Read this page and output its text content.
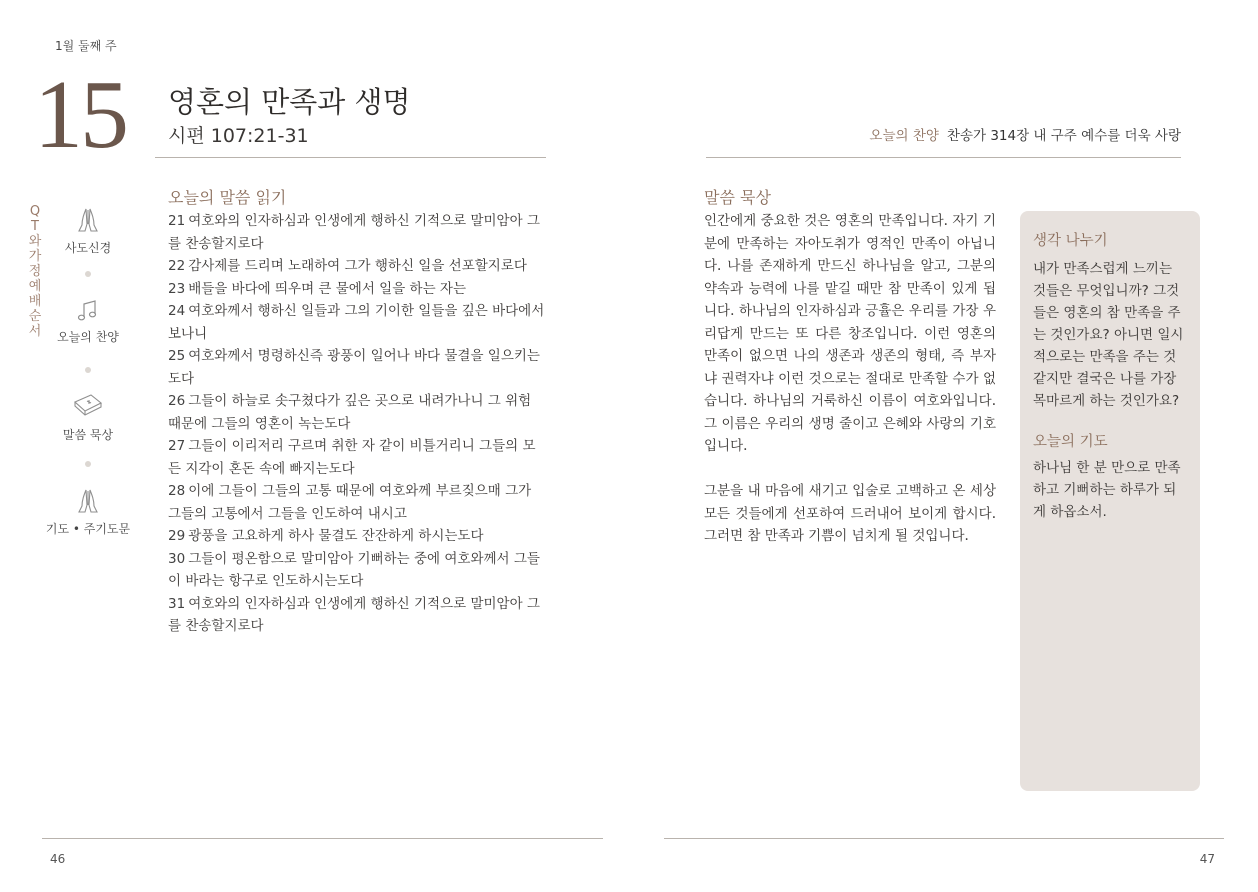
1월 둘째 주
15 영혼의 만족과 생명
시편 107:21-31	오늘의 찬양 찬송가 314장 내 구주 예수를 더욱 사랑
QT와 가정예배 순서
사도신경
오늘의 찬양
말씀 묵상
기도 • 주기도문
오늘의 말씀 읽기
21 여호와의 인자하심과 인생에게 행하신 기적으로 말미암아 그를 찬송할지로다
22 감사제를 드리며 노래하여 그가 행하신 일을 선포할지로다
23 배들을 바다에 띄우며 큰 물에서 일을 하는 자는
24 여호와께서 행하신 일들과 그의 기이한 일들을 깊은 바다에서 보나니
25 여호와께서 명령하신즉 광풍이 일어나 바다 물결을 일으키는도다
26 그들이 하늘로 솟구쳤다가 깊은 곳으로 내려가나니 그 위험 때문에 그들의 영혼이 녹는도다
27 그들이 이리저리 구르며 취한 자 같이 비틀거리니 그들의 모든 지각이 혼돈 속에 빠지는도다
28 이에 그들이 그들의 고통 때문에 여호와께 부르짖으매 그가 그들의 고통에서 그들을 인도하여 내시고
29 광풍을 고요하게 하사 물결도 잔잔하게 하시는도다
30 그들이 평온함으로 말미암아 기뻐하는 중에 여호와께서 그들이 바라는 항구로 인도하시는도다
31 여호와의 인자하심과 인생에게 행하신 기적으로 말미암아 그를 찬송할지로다
말씀 묵상

인간에게 중요한 것은 영혼의 만족입니다. 자기 기분에 만족하는 자아도취가 영적인 만족이 아닙니다. 나를 존재하게 만드신 하나님을 알고, 그분의 약속과 능력에 나를 맡길 때만 참 만족이 있게 됩니다. 하나님의 인자하심과 긍휼은 우리를 가장 우리답게 만드는 또 다른 창조입니다. 이런 영혼의 만족이 없으면 나의 생존과 생존의 형태, 즉 부자냐 권력자냐 이런 것으로는 절대로 만족할 수가 없습니다. 하나님의 거룩하신 이름이 여호와입니다. 그 이름은 우리의 생명 줄이고 은혜와 사랑의 기호입니다.

그분을 내 마음에 새기고 입술로 고백하고 온 세상 모든 것들에게 선포하여 드러내어 보이게 합시다. 그러면 참 만족과 기쁨이 넘치게 될 것입니다.

생각 나누기
내가 만족스럽게 느끼는 것들은 무엇입니까? 그것들은 영혼의 참 만족을 주는 것인가요? 아니면 일시적으로는 만족을 주는 것 같지만 결국은 나를 가장 목마르게 하는 것인가요?
오늘의 기도
하나님 한 분 만으로 만족하고 기뻐하는 하루가 되게 하옵소서.
46	47
